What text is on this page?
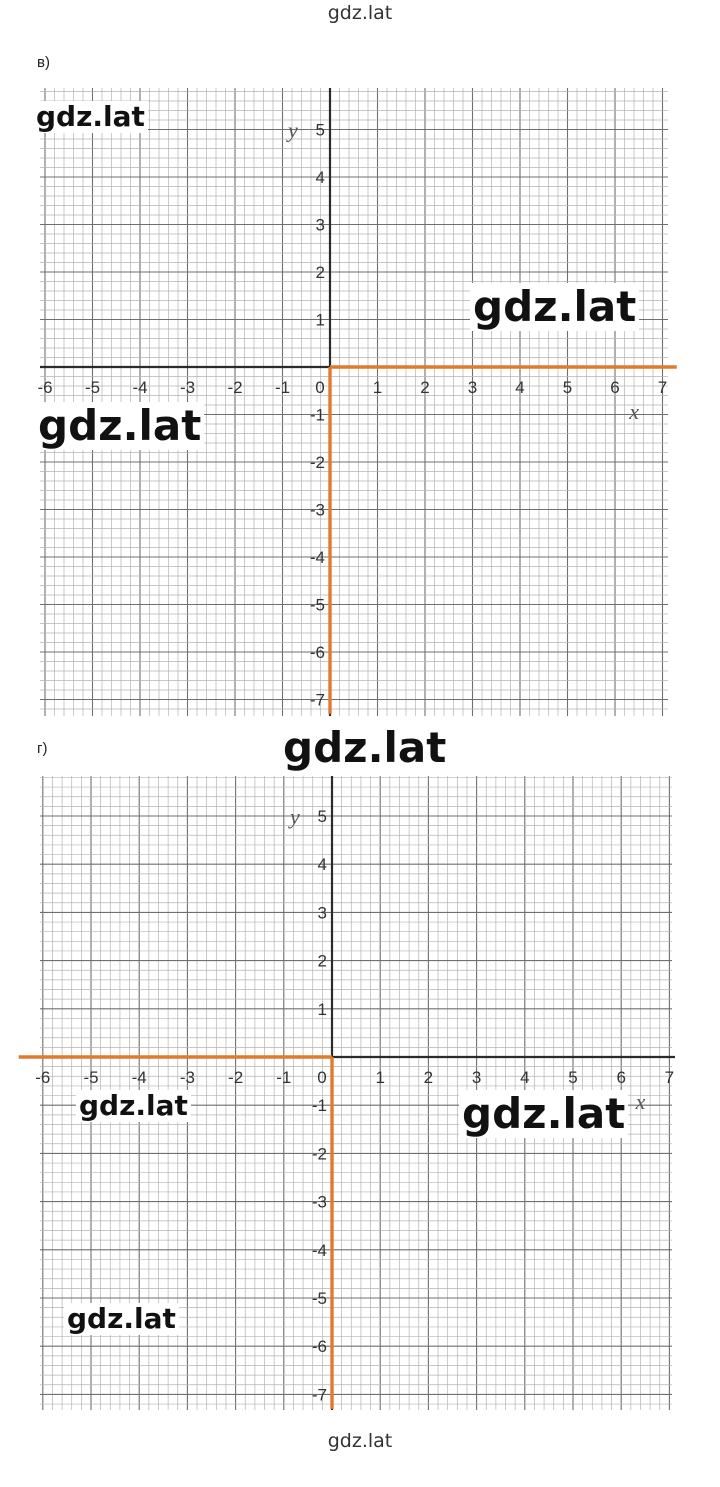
gdz.lat
в)
-6 -5 -4 -3 -2 -1 0	1 2 3 4 5 6 7
5
4
3
2
1
-1
-2
-3
-4
-5
-6
-7
y
x
gdz.lat
gdz.lat
gdz.lat
г)
-6 -5 -4 -3 -2 -1 0	1 2 3 4 5 6 7
5
4
3
2
1
-1
-2
-3
-4
-5
-6
-7
y
x
gdz.lat
gdz.lat	gdz.lat
gdz.lat
gdz.lat
